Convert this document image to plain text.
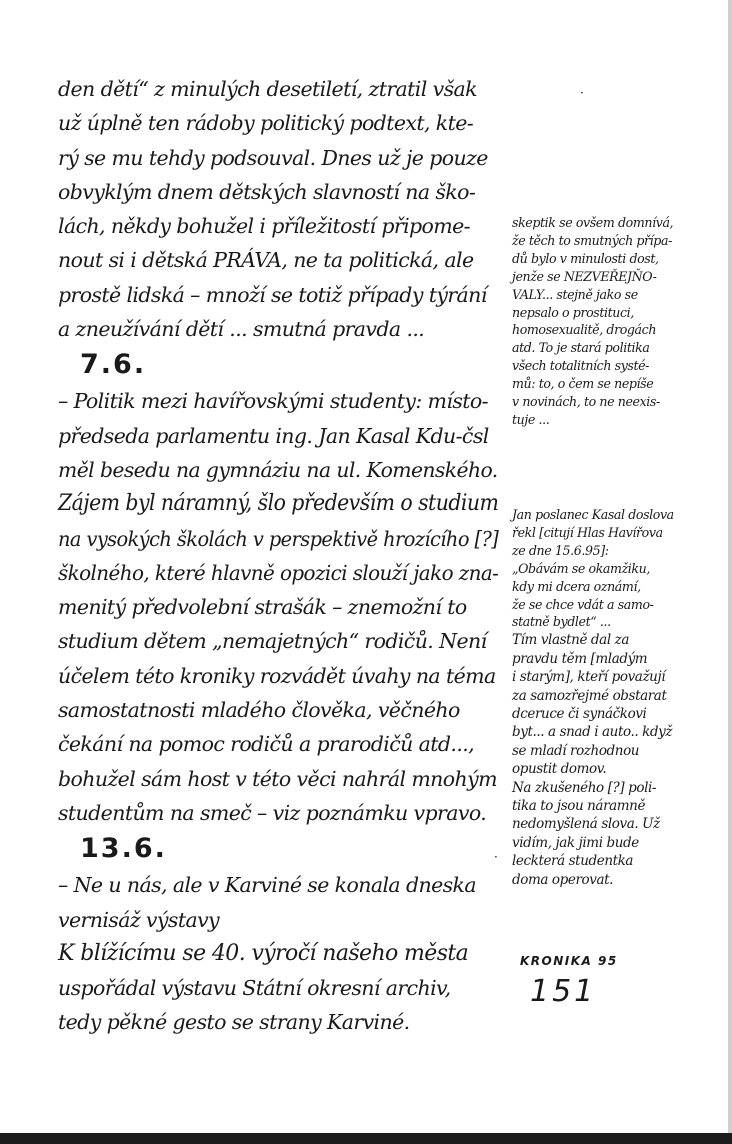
den dětí“ z minulých desetiletí, ztratil však
už úplně ten rádoby politický podtext, kte-
rý se mu tehdy podsouval. Dnes už je pouze
obvyklým dnem dětských slavností na ško-
lách, někdy bohužel i příležitostí připome-
nout si i dětská PRÁVA, ne ta politická, ale
prostě lidská – množí se totiž případy týrání
a zneužívání dětí ... smutná pravda ...
7.6.
– Politik mezi havířovskými studenty: místo-
předseda parlamentu ing. Jan Kasal Kdu-čsl
měl besedu na gymnáziu na ul. Komenského.
Zájem byl náramný, šlo především o studium
na vysokých školách v perspektivě hrozícího [?]
školného, které hlavně opozici slouží jako zna-
menitý předvolební strašák – znemožní to
studium dětem „nemajetných“ rodičů. Není
účelem této kroniky rozvádět úvahy na téma
samostatnosti mladého člověka, věčného
čekání na pomoc rodičů a prarodičů atd...,
bohužel sám host v této věci nahrál mnohým
studentům na smeč – viz poznámku vpravo.
13.6.
– Ne u nás, ale v Karviné se konala dneska
vernisáž výstavy
K blížícímu se 40. výročí našeho města
uspořádal výstavu Státní okresní archiv,
tedy pěkné gesto se strany Karviné.
skeptik se ovšem domnívá,
že těch to smutných přípa-
dů bylo v minulosti dost,
jenže se NEZVEŘEJŇO-
VALY... stejně jako se
nepsalo o prostituci,
homosexualitě, drogách
atd. To je stará politika
všech totalitních systé-
mů: to, o čem se nepíše
v novinách, to ne neexis-
tuje ...
Jan poslanec Kasal doslova
řekl [citují Hlas Havířova
ze dne 15.6.95]:
„Obávám se okamžiku,
kdy mi dcera oznámí,
že se chce vdát a samo-
statně bydlet“ ...
Tím vlastně dal za
pravdu těm [mladým
i starým], kteří považují
za samozřejmé obstarat
dceruce či synáčkovi
byt... a snad i auto.. když
se mladí rozhodnou
opustit domov.
Na zkušeného [?] poli-
tika to jsou náramně
nedomyšlená slova. Už
vidím, jak jimi bude
leckterá studentka
doma operovat.
KRONIKA 95
151
·
·
